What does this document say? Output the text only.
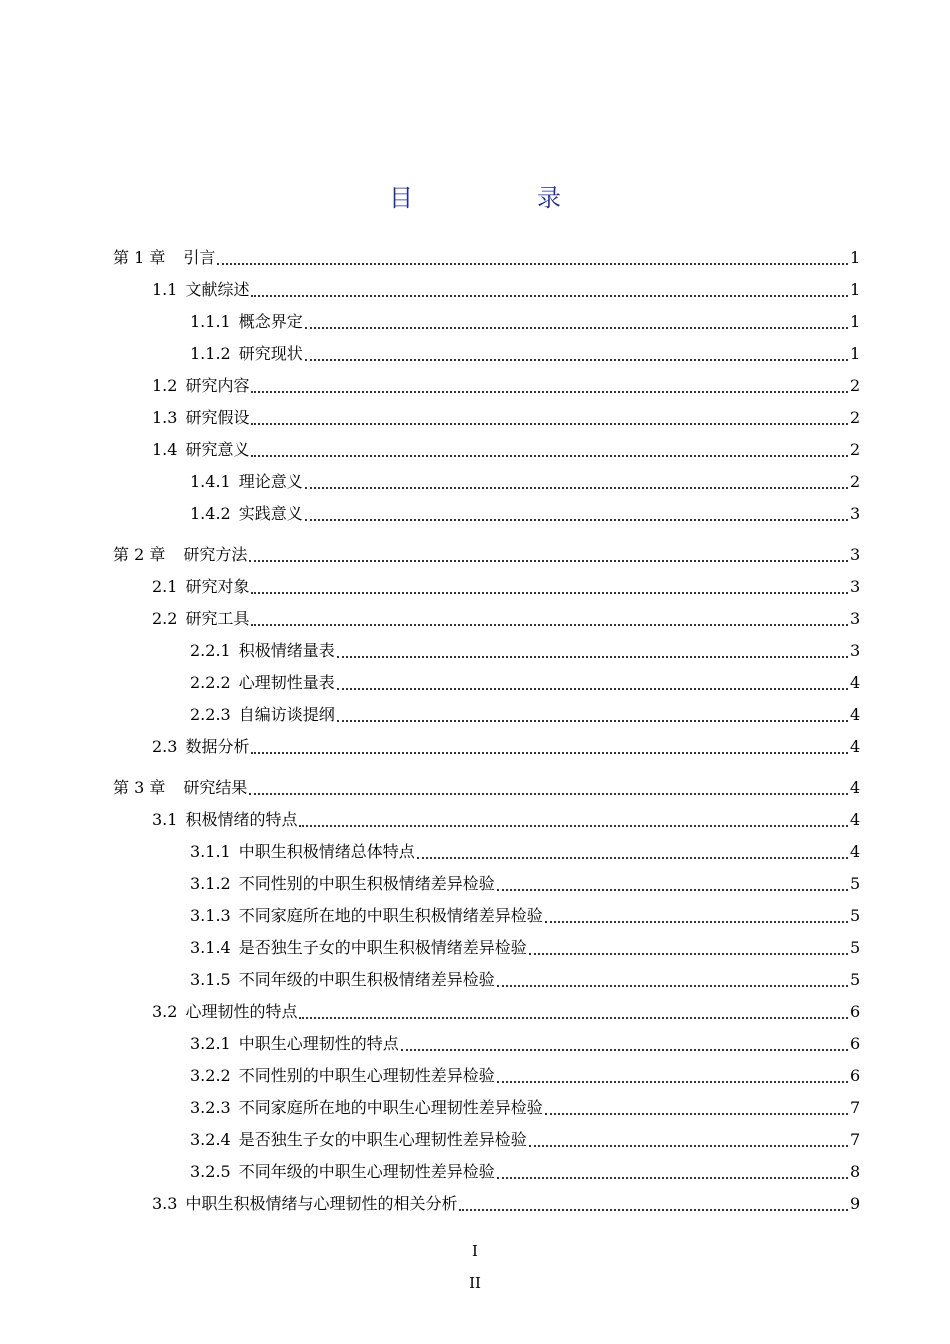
目　录
第 1 章 引言	1
1.1 文献综述	1
1.1.1 概念界定	1
1.1.2 研究现状	1
1.2 研究内容	2
1.3 研究假设	2
1.4 研究意义	2
1.4.1 理论意义	2
1.4.2 实践意义	3
第 2 章 研究方法	3
2.1 研究对象	3
2.2 研究工具	3
2.2.1 积极情绪量表	3
2.2.2 心理韧性量表	4
2.2.3 自编访谈提纲	4
2.3 数据分析	4
第 3 章 研究结果	4
3.1 积极情绪的特点	4
3.1.1 中职生积极情绪总体特点	4
3.1.2 不同性别的中职生积极情绪差异检验	5
3.1.3 不同家庭所在地的中职生积极情绪差异检验	5
3.1.4 是否独生子女的中职生积极情绪差异检验	5
3.1.5 不同年级的中职生积极情绪差异检验	5
3.2 心理韧性的特点	6
3.2.1 中职生心理韧性的特点	6
3.2.2 不同性别的中职生心理韧性差异检验	6
3.2.3 不同家庭所在地的中职生心理韧性差异检验	7
3.2.4 是否独生子女的中职生心理韧性差异检验	7
3.2.5 不同年级的中职生心理韧性差异检验	8
3.3 中职生积极情绪与心理韧性的相关分析	9
I
II
